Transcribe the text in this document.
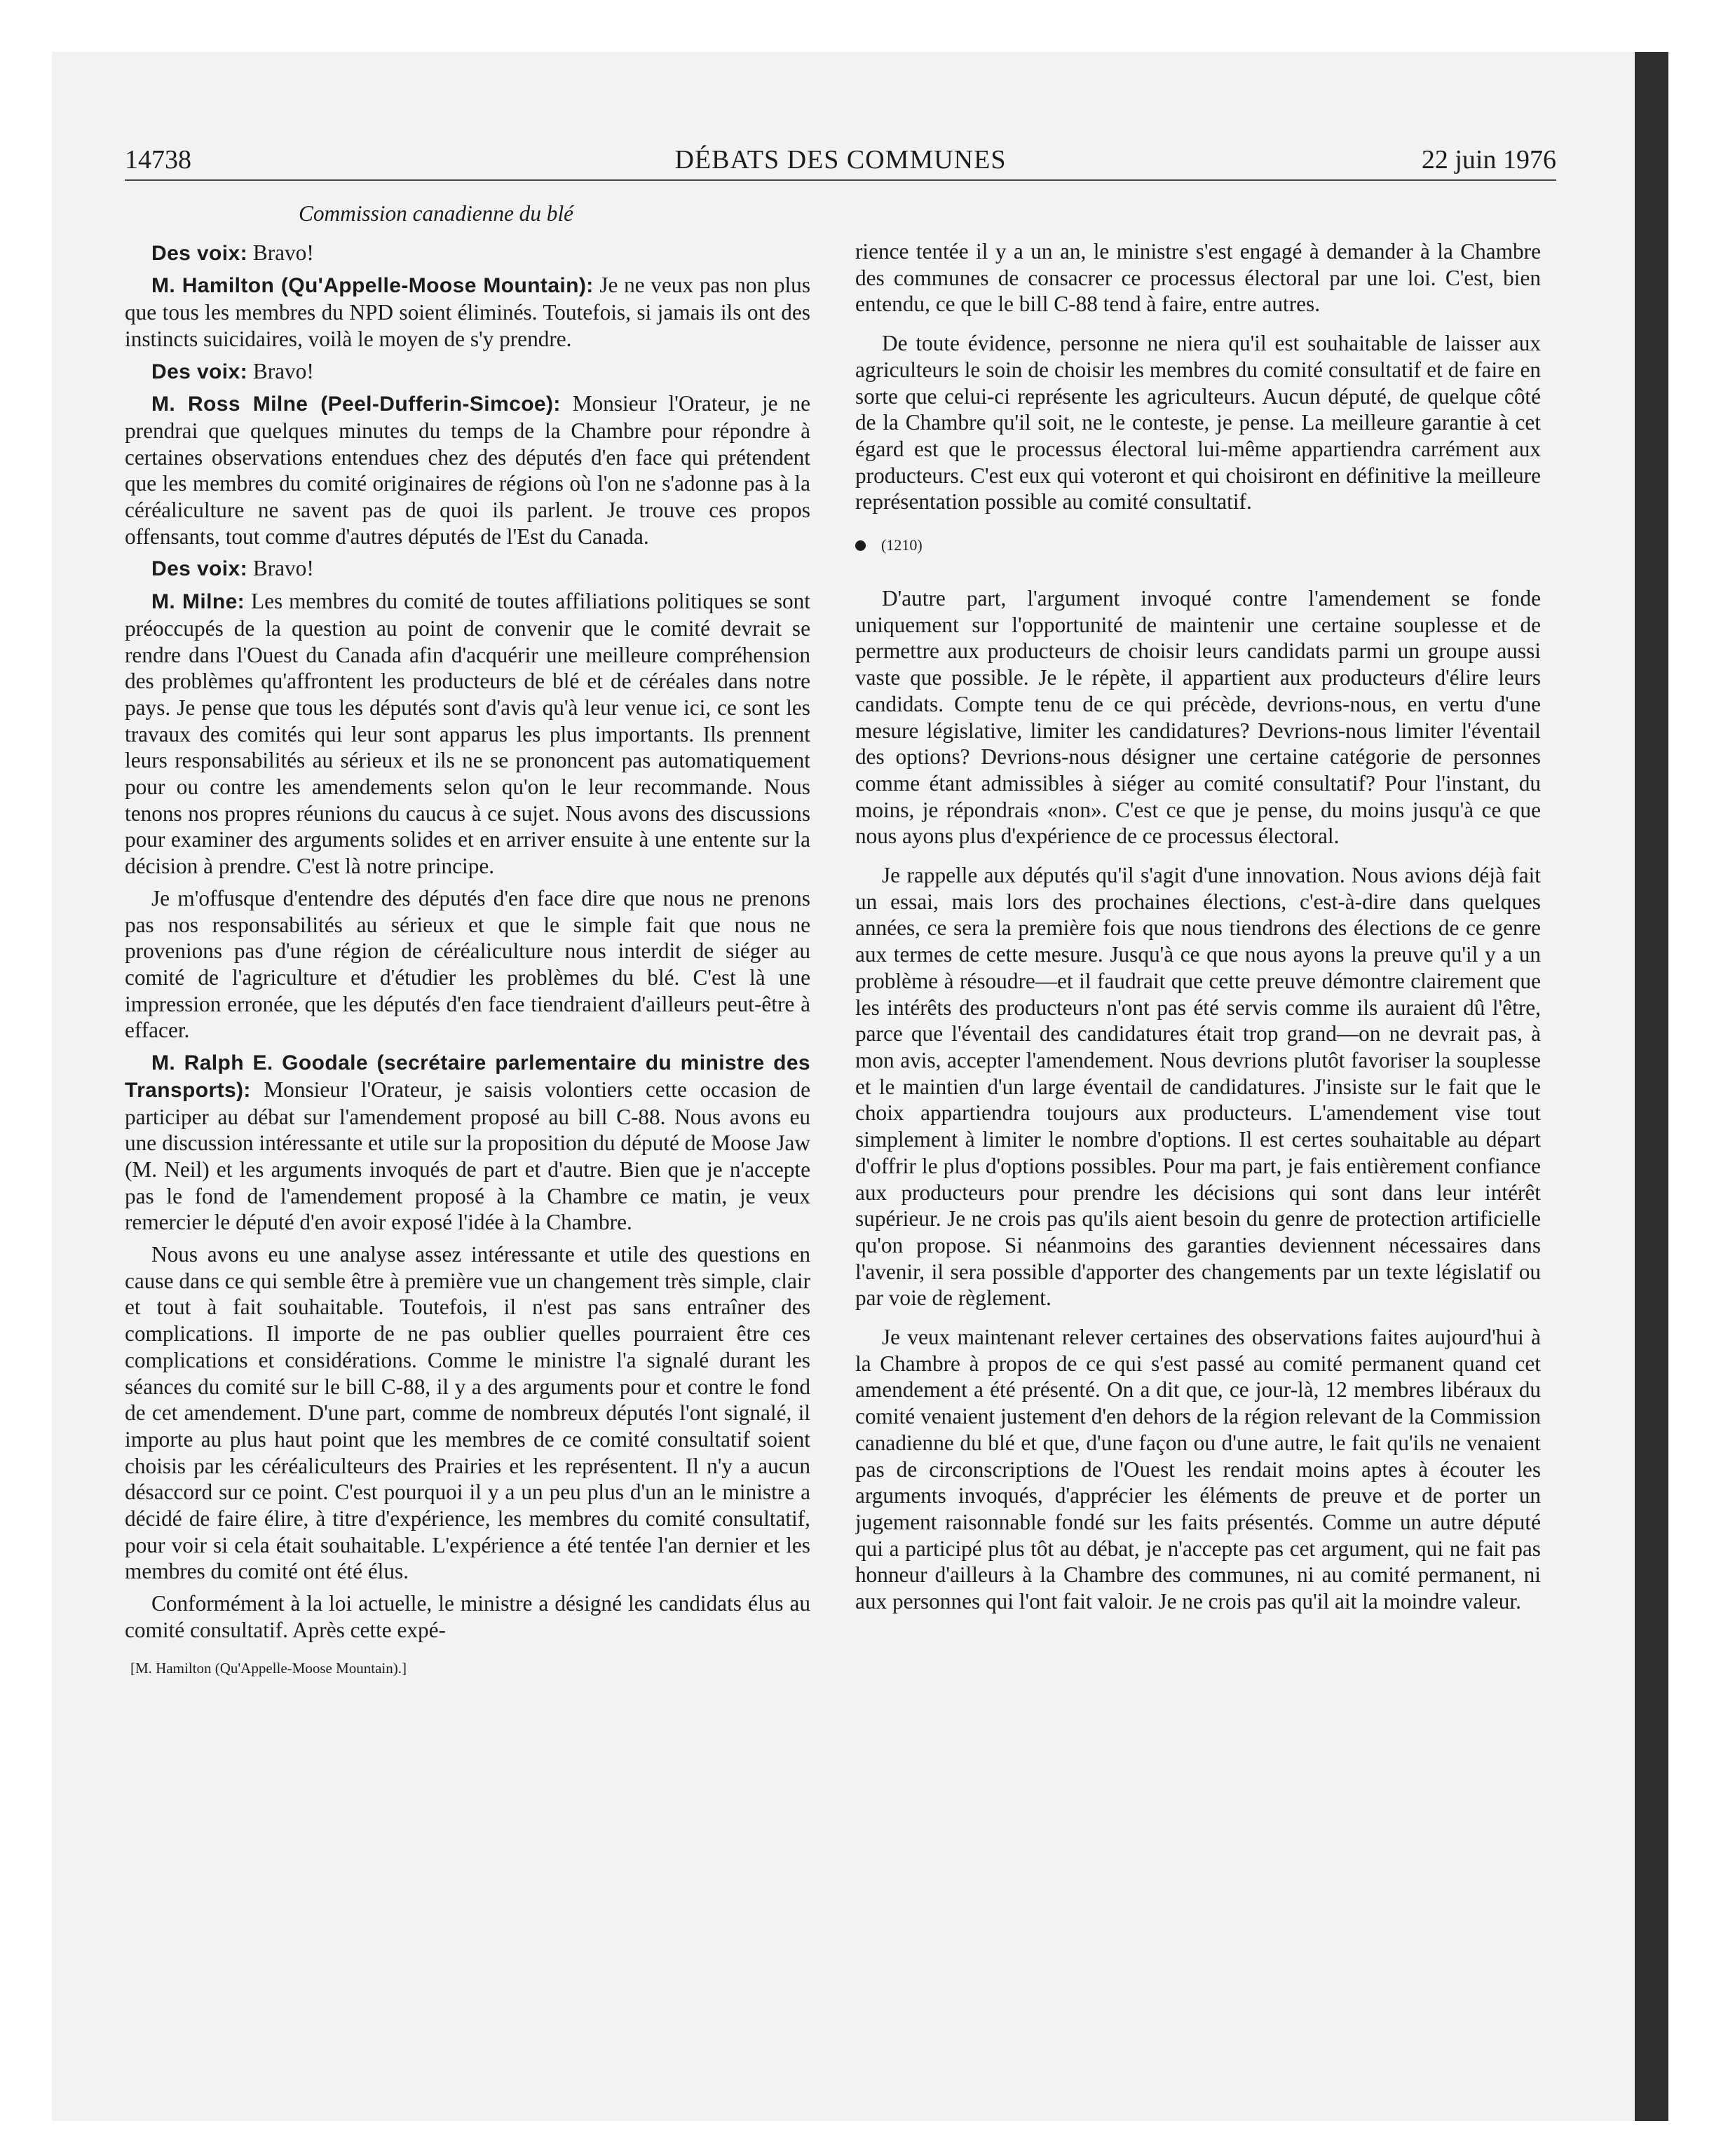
14738	DÉBATS DES COMMUNES	22 juin 1976

Commission canadienne du blé

Des voix: Bravo!

M. Hamilton (Qu'Appelle-Moose Mountain): Je ne veux pas non plus que tous les membres du NPD soient éliminés. Toutefois, si jamais ils ont des instincts suicidaires, voilà le moyen de s'y prendre.

Des voix: Bravo!

M. Ross Milne (Peel-Dufferin-Simcoe): Monsieur l'Orateur, je ne prendrai que quelques minutes du temps de la Chambre pour répondre à certaines observations entendues chez des députés d'en face qui prétendent que les membres du comité originaires de régions où l'on ne s'adonne pas à la céréaliculture ne savent pas de quoi ils parlent. Je trouve ces propos offensants, tout comme d'autres députés de l'Est du Canada.

Des voix: Bravo!

M. Milne: Les membres du comité de toutes affiliations politiques se sont préoccupés de la question au point de convenir que le comité devrait se rendre dans l'Ouest du Canada afin d'acquérir une meilleure compréhension des problèmes qu'affrontent les producteurs de blé et de céréales dans notre pays. Je pense que tous les députés sont d'avis qu'à leur venue ici, ce sont les travaux des comités qui leur sont apparus les plus importants. Ils prennent leurs responsabilités au sérieux et ils ne se prononcent pas automatiquement pour ou contre les amendements selon qu'on le leur recommande. Nous tenons nos propres réunions du caucus à ce sujet. Nous avons des discussions pour examiner des arguments solides et en arriver ensuite à une entente sur la décision à prendre. C'est là notre principe.

Je m'offusque d'entendre des députés d'en face dire que nous ne prenons pas nos responsabilités au sérieux et que le simple fait que nous ne provenions pas d'une région de céréaliculture nous interdit de siéger au comité de l'agriculture et d'étudier les problèmes du blé. C'est là une impression erronée, que les députés d'en face tiendraient d'ailleurs peut-être à effacer.

M. Ralph E. Goodale (secrétaire parlementaire du ministre des Transports): Monsieur l'Orateur, je saisis volontiers cette occasion de participer au débat sur l'amendement proposé au bill C-88. Nous avons eu une discussion intéressante et utile sur la proposition du député de Moose Jaw (M. Neil) et les arguments invoqués de part et d'autre. Bien que je n'accepte pas le fond de l'amendement proposé à la Chambre ce matin, je veux remercier le député d'en avoir exposé l'idée à la Chambre.

Nous avons eu une analyse assez intéressante et utile des questions en cause dans ce qui semble être à première vue un changement très simple, clair et tout à fait souhaitable. Toutefois, il n'est pas sans entraîner des complications. Il importe de ne pas oublier quelles pourraient être ces complications et considérations. Comme le ministre l'a signalé durant les séances du comité sur le bill C-88, il y a des arguments pour et contre le fond de cet amendement. D'une part, comme de nombreux députés l'ont signalé, il importe au plus haut point que les membres de ce comité consultatif soient choisis par les céréaliculteurs des Prairies et les représentent. Il n'y a aucun désaccord sur ce point. C'est pourquoi il y a un peu plus d'un an le ministre a décidé de faire élire, à titre d'expérience, les membres du comité consultatif, pour voir si cela était souhaitable. L'expérience a été tentée l'an dernier et les membres du comité ont été élus.

Conformément à la loi actuelle, le ministre a désigné les candidats élus au comité consultatif. Après cette expé-

[M. Hamilton (Qu'Appelle-Moose Mountain).]

rience tentée il y a un an, le ministre s'est engagé à demander à la Chambre des communes de consacrer ce processus électoral par une loi. C'est, bien entendu, ce que le bill C-88 tend à faire, entre autres.

De toute évidence, personne ne niera qu'il est souhaitable de laisser aux agriculteurs le soin de choisir les membres du comité consultatif et de faire en sorte que celui-ci représente les agriculteurs. Aucun député, de quelque côté de la Chambre qu'il soit, ne le conteste, je pense. La meilleure garantie à cet égard est que le processus électoral lui-même appartiendra carrément aux producteurs. C'est eux qui voteront et qui choisiront en définitive la meilleure représentation possible au comité consultatif.

(1210)

D'autre part, l'argument invoqué contre l'amendement se fonde uniquement sur l'opportunité de maintenir une certaine souplesse et de permettre aux producteurs de choisir leurs candidats parmi un groupe aussi vaste que possible. Je le répète, il appartient aux producteurs d'élire leurs candidats. Compte tenu de ce qui précède, devrions-nous, en vertu d'une mesure législative, limiter les candidatures? Devrions-nous limiter l'éventail des options? Devrions-nous désigner une certaine catégorie de personnes comme étant admissibles à siéger au comité consultatif? Pour l'instant, du moins, je répondrais «non». C'est ce que je pense, du moins jusqu'à ce que nous ayons plus d'expérience de ce processus électoral.

Je rappelle aux députés qu'il s'agit d'une innovation. Nous avions déjà fait un essai, mais lors des prochaines élections, c'est-à-dire dans quelques années, ce sera la première fois que nous tiendrons des élections de ce genre aux termes de cette mesure. Jusqu'à ce que nous ayons la preuve qu'il y a un problème à résoudre—et il faudrait que cette preuve démontre clairement que les intérêts des producteurs n'ont pas été servis comme ils auraient dû l'être, parce que l'éventail des candidatures était trop grand—on ne devrait pas, à mon avis, accepter l'amendement. Nous devrions plutôt favoriser la souplesse et le maintien d'un large éventail de candidatures. J'insiste sur le fait que le choix appartiendra toujours aux producteurs. L'amendement vise tout simplement à limiter le nombre d'options. Il est certes souhaitable au départ d'offrir le plus d'options possibles. Pour ma part, je fais entièrement confiance aux producteurs pour prendre les décisions qui sont dans leur intérêt supérieur. Je ne crois pas qu'ils aient besoin du genre de protection artificielle qu'on propose. Si néanmoins des garanties deviennent nécessaires dans l'avenir, il sera possible d'apporter des changements par un texte législatif ou par voie de règlement.

Je veux maintenant relever certaines des observations faites aujourd'hui à la Chambre à propos de ce qui s'est passé au comité permanent quand cet amendement a été présenté. On a dit que, ce jour-là, 12 membres libéraux du comité venaient justement d'en dehors de la région relevant de la Commission canadienne du blé et que, d'une façon ou d'une autre, le fait qu'ils ne venaient pas de circonscriptions de l'Ouest les rendait moins aptes à écouter les arguments invoqués, d'apprécier les éléments de preuve et de porter un jugement raisonnable fondé sur les faits présentés. Comme un autre député qui a participé plus tôt au débat, je n'accepte pas cet argument, qui ne fait pas honneur d'ailleurs à la Chambre des communes, ni au comité permanent, ni aux personnes qui l'ont fait valoir. Je ne crois pas qu'il ait la moindre valeur.
